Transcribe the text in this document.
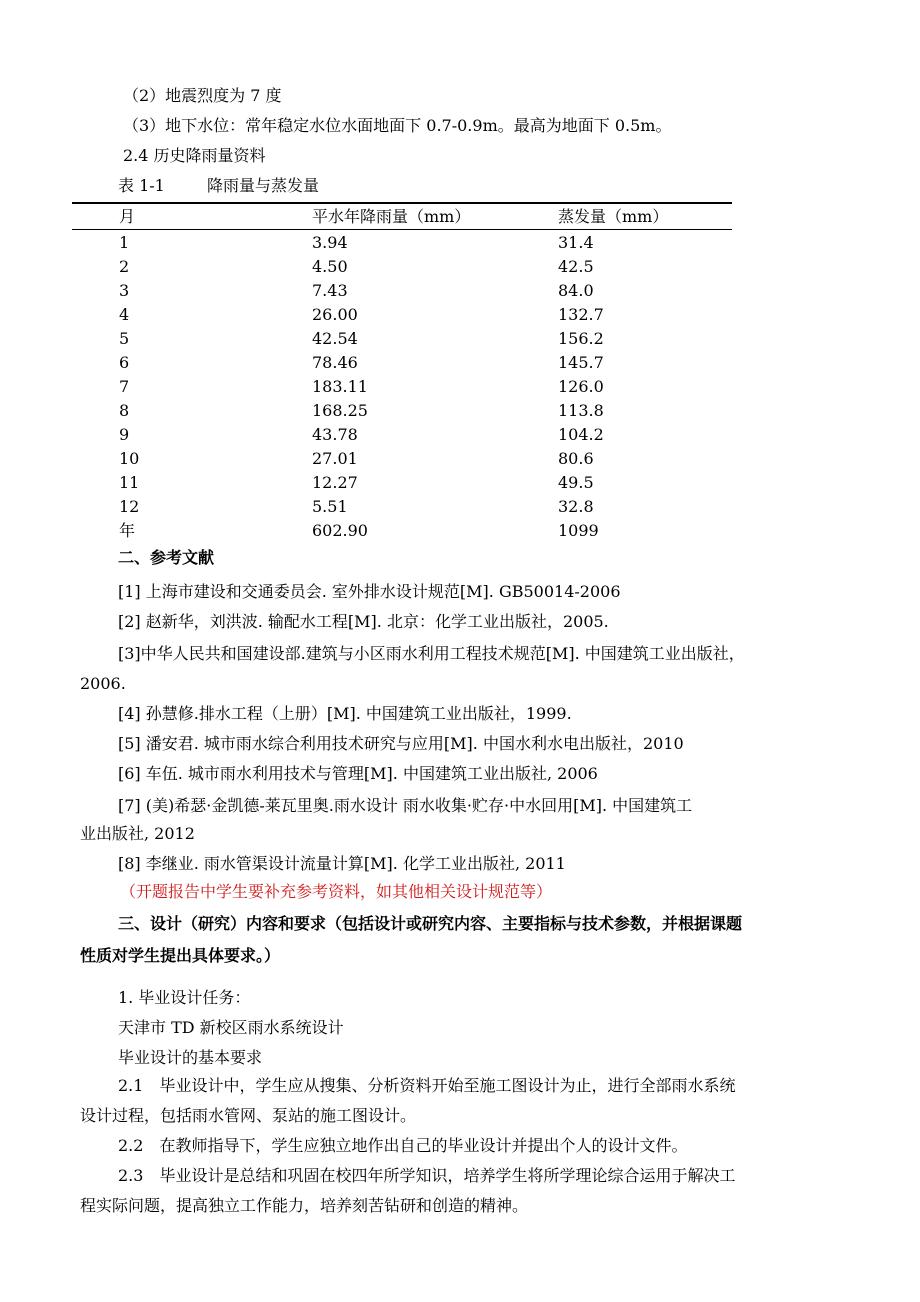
（2）地震烈度为 7 度
（3）地下水位：常年稳定水位水面地面下 0.7-0.9m。最高为地面下 0.5m。
2.4 历史降雨量资料
表 1-1	降雨量与蒸发量
月	平水年降雨量（mm）	蒸发量（mm）
1	3.94	31.4
2	4.50	42.5
3	7.43	84.0
4	26.00	132.7
5	42.54	156.2
6	78.46	145.7
7	183.11	126.0
8	168.25	113.8
9	43.78	104.2
10	27.01	80.6
11	12.27	49.5
12	5.51	32.8
年	602.90	1099
二、参考文献
[1] 上海市建设和交通委员会. 室外排水设计规范[M]. GB50014-2006
[2] 赵新华，刘洪波. 输配水工程[M]. 北京：化学工业出版社，2005.
[3]中华人民共和国建设部.建筑与小区雨水利用工程技术规范[M]. 中国建筑工业出版社，
2006.
[4] 孙慧修.排水工程（上册）[M]. 中国建筑工业出版社，1999.
[5] 潘安君. 城市雨水综合利用技术研究与应用[M]. 中国水利水电出版社，2010
[6] 车伍. 城市雨水利用技术与管理[M]. 中国建筑工业出版社, 2006
[7] (美)希瑟·金凯德-莱瓦里奥.雨水设计 雨水收集·贮存·中水回用[M]. 中国建筑工
业出版社, 2012
[8] 李继业. 雨水管渠设计流量计算[M]. 化学工业出版社, 2011
（开题报告中学生要补充参考资料，如其他相关设计规范等）
三、设计（研究）内容和要求（包括设计或研究内容、主要指标与技术参数，并根据课题
性质对学生提出具体要求。）
1. 毕业设计任务：
天津市 TD 新校区雨水系统设计
毕业设计的基本要求
2.1　毕业设计中，学生应从搜集、分析资料开始至施工图设计为止，进行全部雨水系统
设计过程，包括雨水管网、泵站的施工图设计。
2.2　在教师指导下，学生应独立地作出自己的毕业设计并提出个人的设计文件。
2.3　毕业设计是总结和巩固在校四年所学知识，培养学生将所学理论综合运用于解决工
程实际问题，提高独立工作能力，培养刻苦钻研和创造的精神。
